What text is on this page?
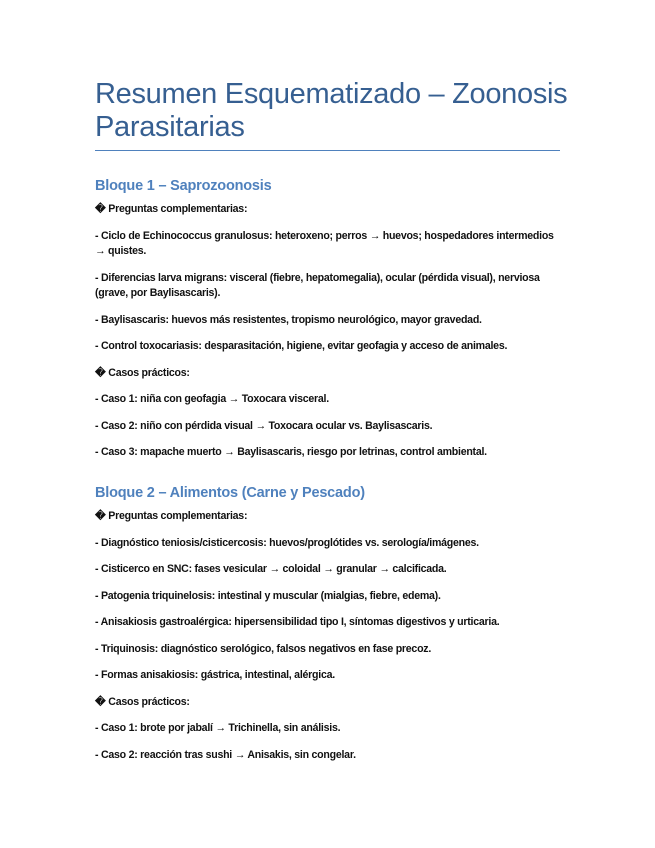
Resumen Esquematizado – Zoonosis Parasitarias
Bloque 1 – Saprozoonosis

� Preguntas complementarias:

- Ciclo de Echinococcus granulosus: heteroxeno; perros → huevos; hospedadores intermedios → quistes.

- Diferencias larva migrans: visceral (fiebre, hepatomegalia), ocular (pérdida visual), nerviosa (grave, por Baylisascaris).

- Baylisascaris: huevos más resistentes, tropismo neurológico, mayor gravedad.

- Control toxocariasis: desparasitación, higiene, evitar geofagia y acceso de animales.

� Casos prácticos:

- Caso 1: niña con geofagia → Toxocara visceral.

- Caso 2: niño con pérdida visual → Toxocara ocular vs. Baylisascaris.

- Caso 3: mapache muerto → Baylisascaris, riesgo por letrinas, control ambiental.

Bloque 2 – Alimentos (Carne y Pescado)

� Preguntas complementarias:

- Diagnóstico teniosis/cisticercosis: huevos/proglótides vs. serología/imágenes.

- Cisticerco en SNC: fases vesicular → coloidal → granular → calcificada.

- Patogenia triquinelosis: intestinal y muscular (mialgias, fiebre, edema).

- Anisakiosis gastroalérgica: hipersensibilidad tipo I, síntomas digestivos y urticaria.

- Triquinosis: diagnóstico serológico, falsos negativos en fase precoz.

- Formas anisakiosis: gástrica, intestinal, alérgica.

� Casos prácticos:

- Caso 1: brote por jabalí → Trichinella, sin análisis.

- Caso 2: reacción tras sushi → Anisakis, sin congelar.
